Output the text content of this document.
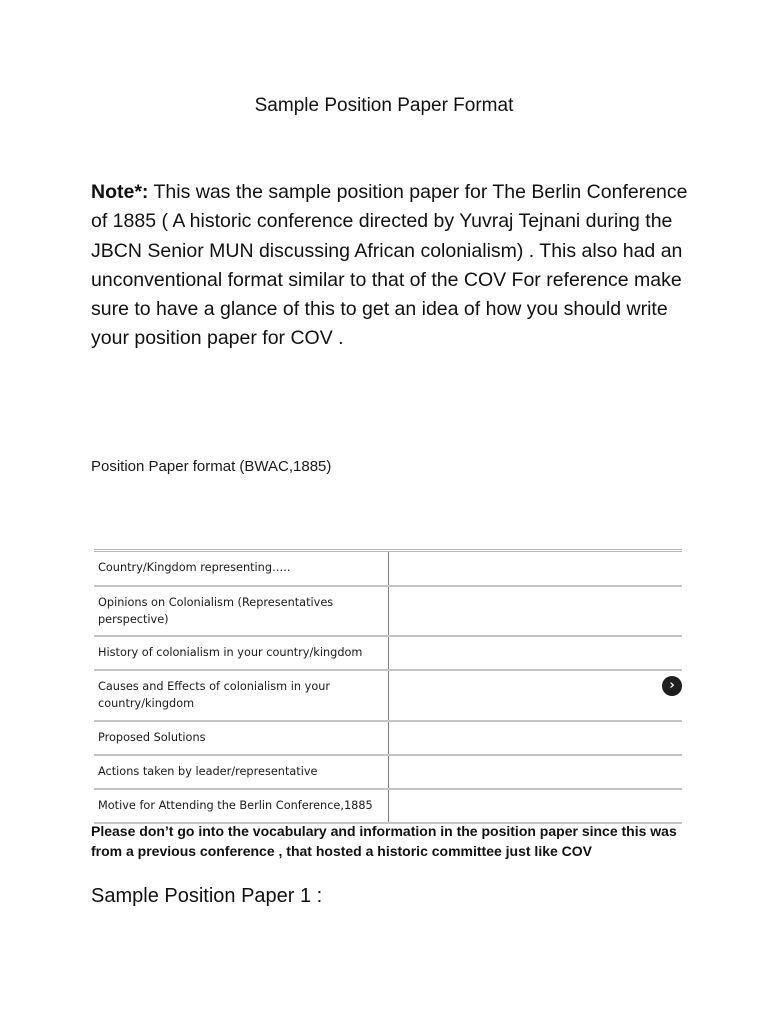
Sample Position Paper Format
Note*: This was the sample position paper for The Berlin Conference of 1885 ( A historic conference directed by Yuvraj Tejnani during the JBCN Senior MUN discussing African colonialism) . This also had an unconventional format similar to that of the COV For reference make sure to have a glance of this to get an idea of how you should write your position paper for COV .
Position Paper format (BWAC,1885)
Country/Kingdom representing…..	
Opinions on Colonialism (Representatives perspective)	
History of colonialism in your country/kingdom	
Causes and Effects of colonialism in your country/kingdom	›

Proposed Solutions	
Actions taken by leader/representative	
Motive for Attending the Berlin Conference,1885	
Please don’t go into the vocabulary and information in the position paper since this was from a previous conference , that hosted a historic committee just like COV
Sample Position Paper 1 :
